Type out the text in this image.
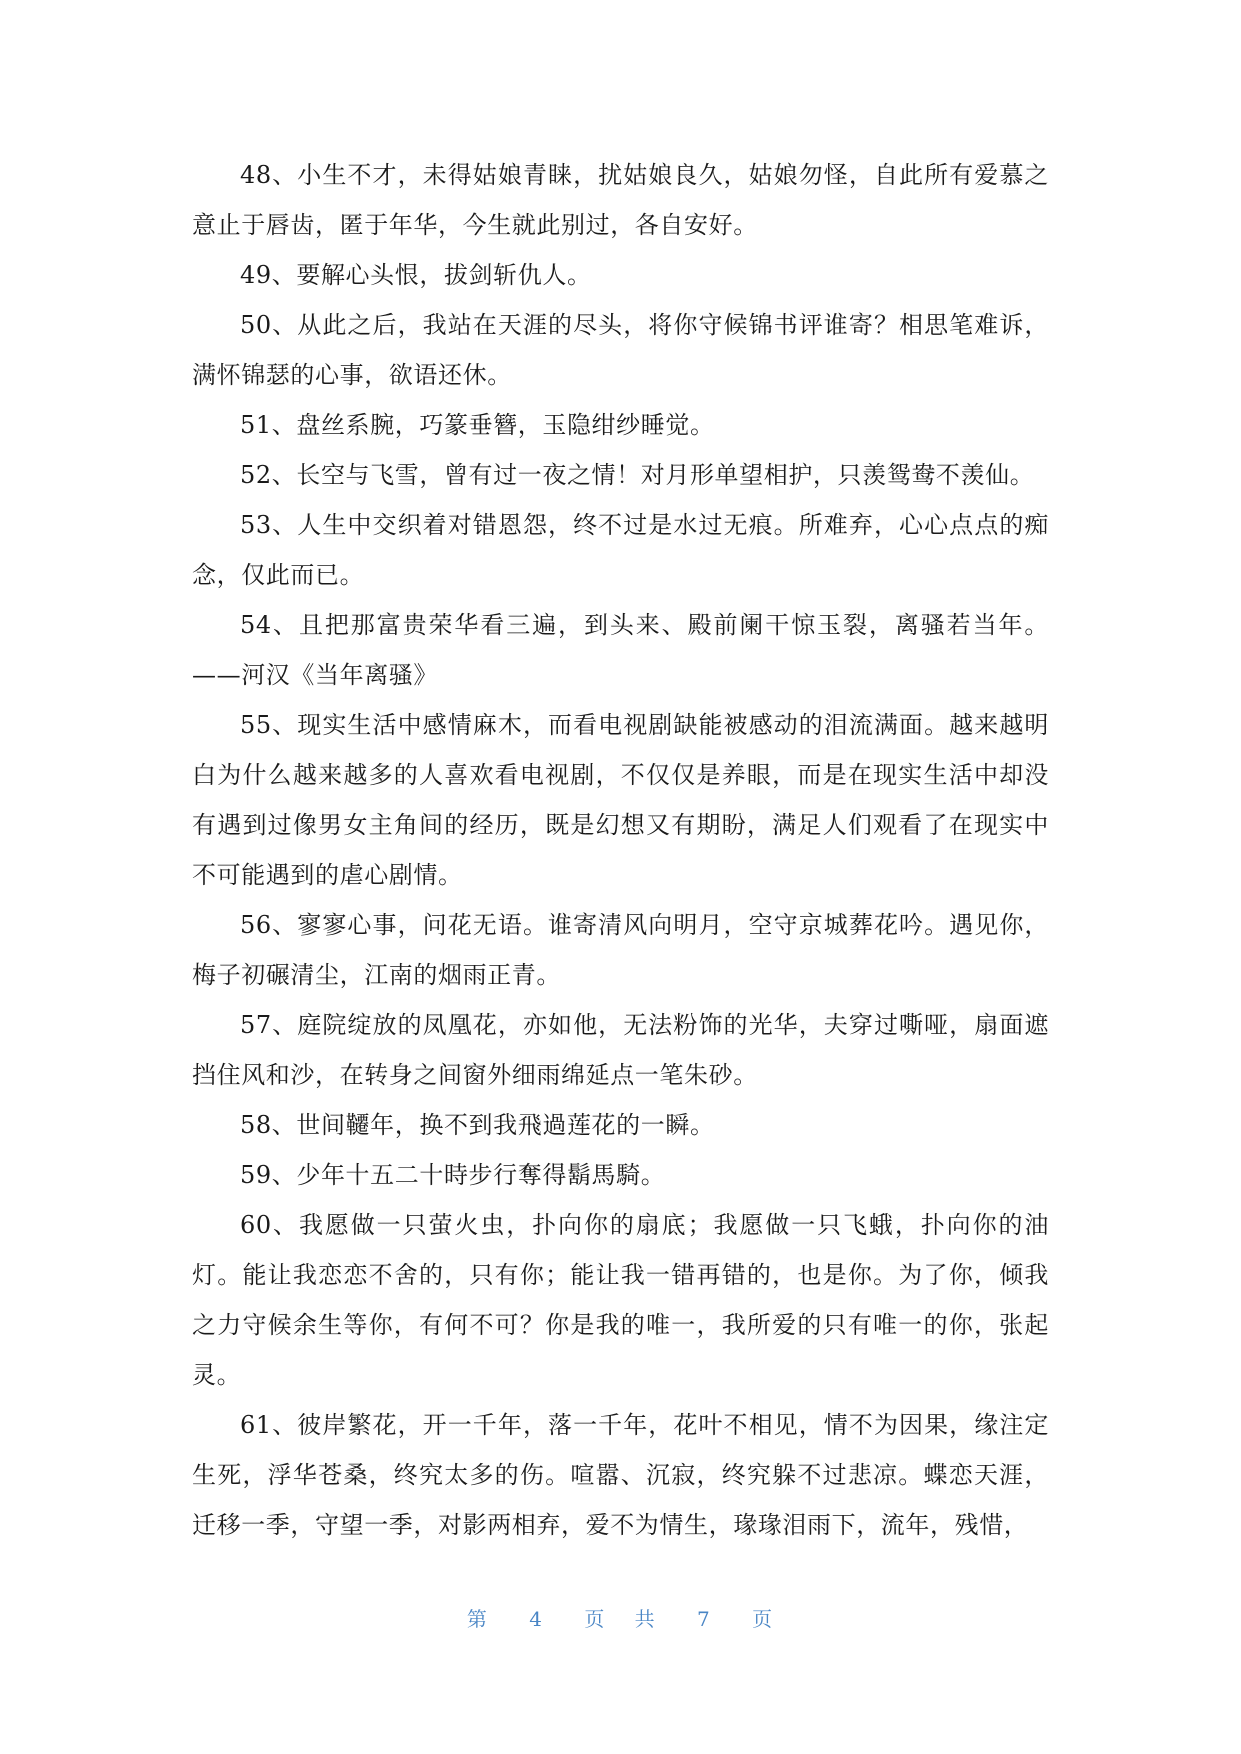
48、小生不才，未得姑娘青睐，扰姑娘良久，姑娘勿怪，自此所有爱慕之意止于唇齿，匿于年华，今生就此别过，各自安好。

49、要解心头恨，拔剑斩仇人。

50、从此之后，我站在天涯的尽头，将你守候锦书评谁寄？相思笔难诉，满怀锦瑟的心事，欲语还休。

51、盘丝系腕，巧篆垂簪，玉隐绀纱睡觉。

52、长空与飞雪，曾有过一夜之情！对月形单望相护，只羡鸳鸯不羡仙。

53、人生中交织着对错恩怨，终不过是水过无痕。所难弃，心心点点的痴念，仅此而已。

54、且把那富贵荣华看三遍，到头来、殿前阑干惊玉裂，离骚若当年。——河汉《当年离骚》

55、现实生活中感情麻木，而看电视剧缺能被感动的泪流满面。越来越明白为什么越来越多的人喜欢看电视剧，不仅仅是养眼，而是在现实生活中却没有遇到过像男女主角间的经历，既是幻想又有期盼，满足人们观看了在现实中不可能遇到的虐心剧情。

56、寥寥心事，问花无语。谁寄清风向明月，空守京城葬花吟。遇见你，梅子初碾清尘，江南的烟雨正青。

57、庭院绽放的凤凰花，亦如他，无法粉饰的光华，夫穿过嘶哑，扇面遮挡住风和沙，在转身之间窗外细雨绵延点一笔朱砂。

58、世间韆年，换不到我飛過莲花的一瞬。

59、少年十五二十時步行奪得鬍馬騎。

60、我愿做一只萤火虫，扑向你的扇底；我愿做一只飞蛾，扑向你的油灯。能让我恋恋不舍的，只有你；能让我一错再错的，也是你。为了你，倾我之力守候余生等你，有何不可？你是我的唯一，我所爱的只有唯一的你，张起灵。

61、彼岸繁花，开一千年，落一千年，花叶不相见，情不为因果，缘注定生死，浮华苍桑，终究太多的伤。喧嚣、沉寂，终究躲不过悲凉。蝶恋天涯，迁移一季，守望一季，对影两相弃，爱不为情生，瑑瑑泪雨下，流年，残惜，

第 4 页 共 7 页
